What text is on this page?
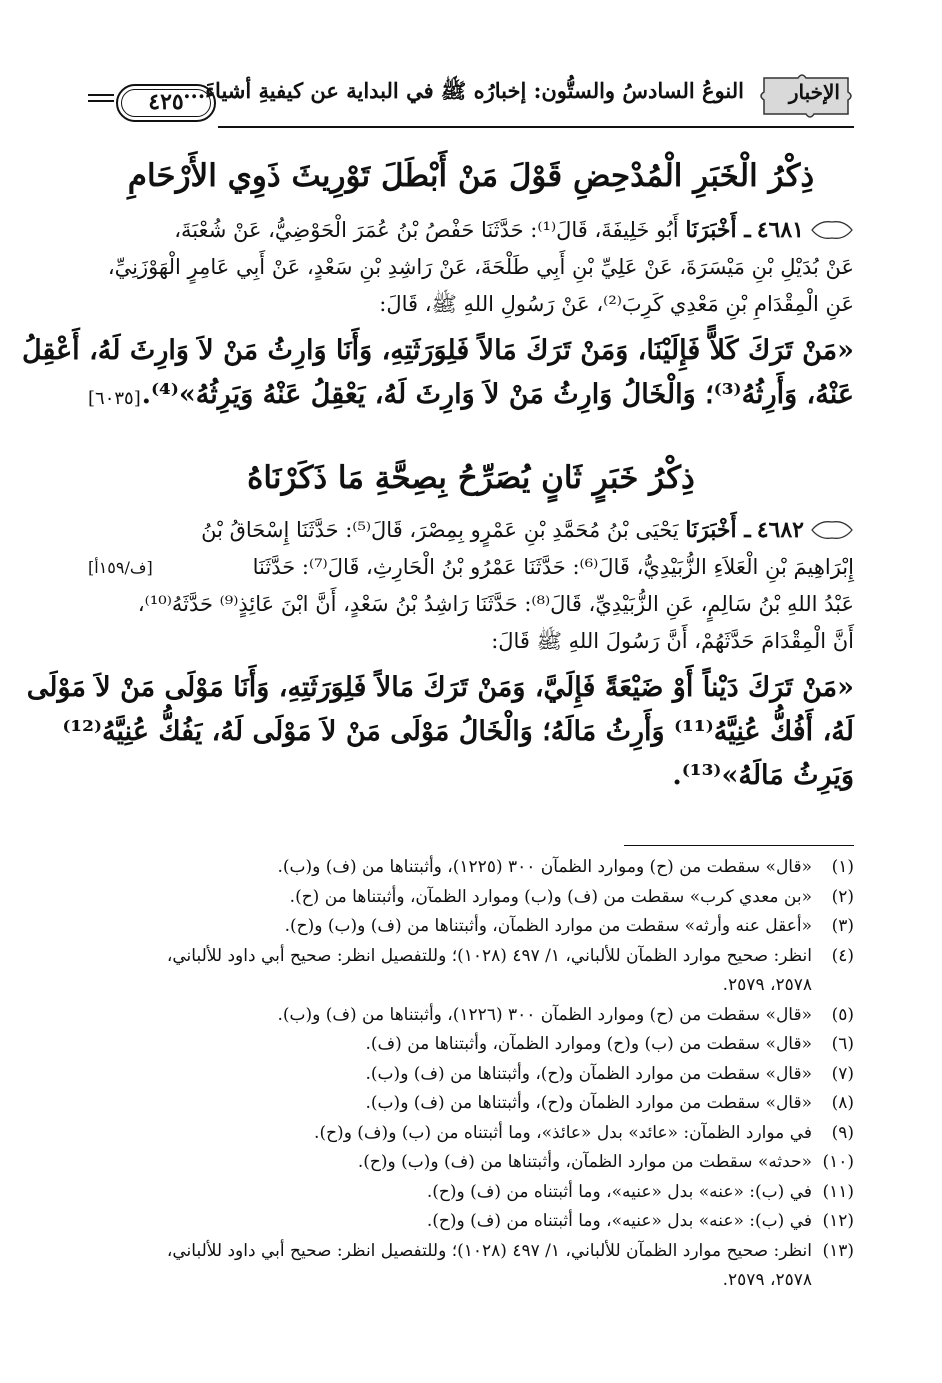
الإخبار
النوعُ السادسُ والستُّون: إخبارُه ﷺ في البداية عن كيفيةِ أشياءَ...
٤٢٥
ذِكْرُ الْخَبَرِ الْمُدْحِضِ قَوْلَ مَنْ أَبْطَلَ تَوْرِيثَ ذَوِي الأَرْحَامِ
٤٦٨١ـ أَخْبَرَنَا أَبُو خَلِيفَةَ، قَالَ⁽¹⁾: حَدَّثَنَا حَفْصُ بْنُ عُمَرَ الْحَوْضِيُّ، عَنْ شُعْبَةَ،
عَنْ بُدَيْلِ بْنِ مَيْسَرَةَ، عَنْ عَلِيِّ بْنِ أَبِي طَلْحَةَ، عَنْ رَاشِدِ بْنِ سَعْدٍ، عَنْ أَبِي عَامِرٍ الْهَوْزَنِيِّ،
عَنِ الْمِقْدَامِ بْنِ مَعْدِي كَرِبَ⁽²⁾، عَنْ رَسُولِ اللهِ ﷺ، قَالَ:
«مَنْ تَرَكَ كَلاًّ فَإِلَيْنَا، وَمَنْ تَرَكَ مَالاً فَلِوَرَثَتِهِ، وَأَنَا وَارِثُ مَنْ لاَ وَارِثَ لَهُ، أَعْقِلُ
عَنْهُ، وَأَرِثُهُ⁽³⁾؛ وَالْخَالُ وَارِثُ مَنْ لاَ وَارِثَ لَهُ، يَعْقِلُ عَنْهُ وَيَرِثُهُ»⁽⁴⁾.
[٦٠٣٥]
ذِكْرُ خَبَرٍ ثَانٍ يُصَرِّحُ بِصِحَّةِ مَا ذَكَرْنَاهُ
٤٦٨٢ـ أَخْبَرَنَا يَحْيَى بْنُ مُحَمَّدِ بْنِ عَمْرٍو بِمِصْرَ، قَالَ⁽⁵⁾: حَدَّثَنَا إِسْحَاقُ بْنُ
إِبْرَاهِيمَ بْنِ الْعَلاَءِ الزُّبَيْدِيُّ، قَالَ⁽⁶⁾: حَدَّثَنَا عَمْرُو بْنُ الْحَارِثِ، قَالَ⁽⁷⁾: حَدَّثَنَا
[ف/١٥٩أ]
عَبْدُ اللهِ بْنُ سَالِمٍ، عَنِ الزُّبَيْدِيِّ، قَالَ⁽⁸⁾: حَدَّثَنَا رَاشِدُ بْنُ سَعْدٍ، أَنَّ ابْنَ عَائِذٍ⁽⁹⁾ حَدَّثَهُ⁽¹⁰⁾،
أَنَّ الْمِقْدَامَ حَدَّثَهُمْ، أَنَّ رَسُولَ اللهِ ﷺ قَالَ:
«مَنْ تَرَكَ دَيْناً أَوْ ضَيْعَةً فَإِلَيَّ، وَمَنْ تَرَكَ مَالاً فَلِوَرَثَتِهِ، وَأَنَا مَوْلَى مَنْ لاَ مَوْلَى
لَهُ، أَفُكُّ عُنِيَّهُ⁽¹¹⁾ وَأَرِثُ مَالَهُ؛ وَالْخَالُ مَوْلَى مَنْ لاَ مَوْلَى لَهُ، يَفُكُّ عُنِيَّهُ⁽¹²⁾
وَيَرِثُ مَالَهُ»⁽¹³⁾.
(١)«قال» سقطت من (ح) وموارد الظمآن ٣٠٠ (١٢٢٥)، وأثبتناها من (ف) و(ب).
(٢)«بن معدي كرب» سقطت من (ف) و(ب) وموارد الظمآن، وأثبتناها من (ح).
(٣)«أعقل عنه وأرثه» سقطت من موارد الظمآن، وأثبتناها من (ف) و(ب) و(ح).
(٤)انظر: صحيح موارد الظمآن للألباني، ١/ ٤٩٧ (١٠٢٨)؛ وللتفصيل انظر: صحيح أبي داود للألباني،
٢٥٧٨، ٢٥٧٩.
(٥)«قال» سقطت من (ح) وموارد الظمآن ٣٠٠ (١٢٢٦)، وأثبتناها من (ف) و(ب).
(٦)«قال» سقطت من (ب) و(ح) وموارد الظمآن، وأثبتناها من (ف).
(٧)«قال» سقطت من موارد الظمآن و(ح)، وأثبتناها من (ف) و(ب).
(٨)«قال» سقطت من موارد الظمآن و(ح)، وأثبتناها من (ف) و(ب).
(٩)في موارد الظمآن: «عائد» بدل «عائذ»، وما أثبتناه من (ب) و(ف) و(ح).
(١٠)«حدثه» سقطت من موارد الظمآن، وأثبتناها من (ف) و(ب) و(ح).
(١١)في (ب): «عنه» بدل «عنيه»، وما أثبتناه من (ف) و(ح).
(١٢)في (ب): «عنه» بدل «عنيه»، وما أثبتناه من (ف) و(ح).
(١٣)انظر: صحيح موارد الظمآن للألباني، ١/ ٤٩٧ (١٠٢٨)؛ وللتفصيل انظر: صحيح أبي داود للألباني،
٢٥٧٨، ٢٥٧٩.
